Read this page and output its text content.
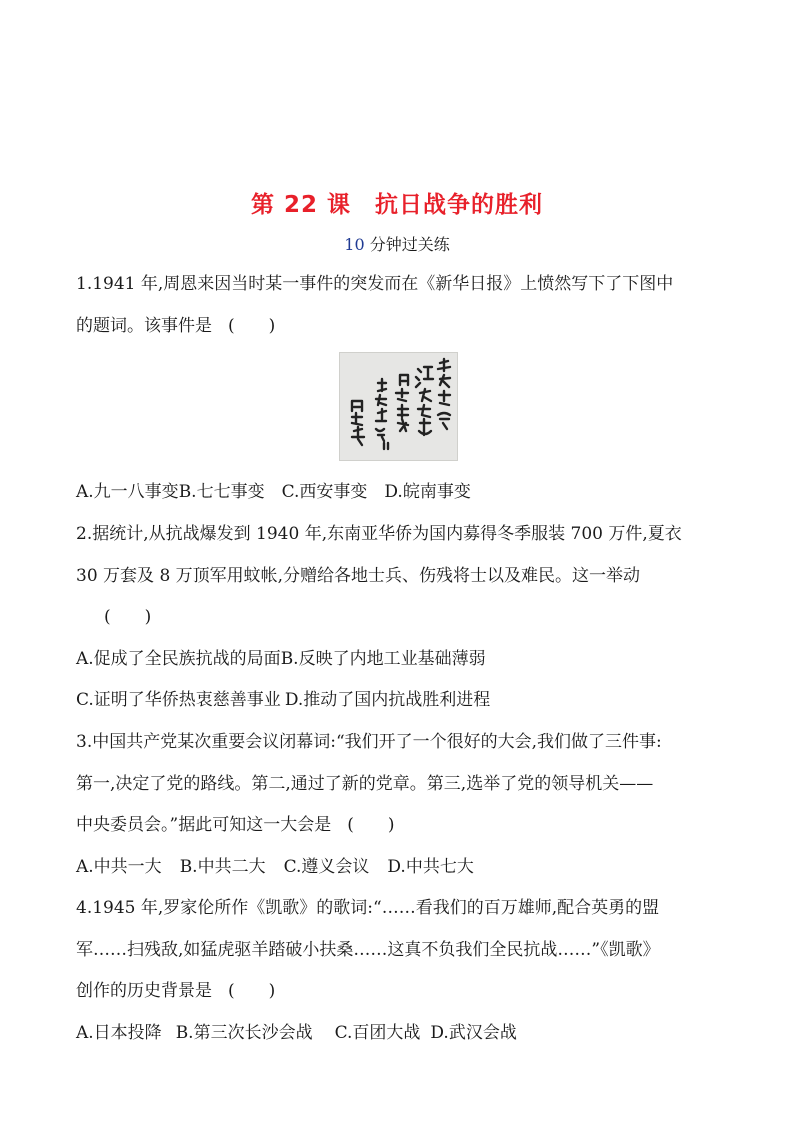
第 22 课　抗日战争的胜利
10 分钟过关练
1.1941 年,周恩来因当时某一事件的突发而在《新华日报》上愤然写下了下图中
的题词。该事件是 (　　)
A.九一八事变B.七七事变 C.西安事变 D.皖南事变
2.据统计,从抗战爆发到 1940 年,东南亚华侨为国内募得冬季服装 700 万件,夏衣
30 万套及 8 万顶军用蚊帐,分赠给各地士兵、伤残将士以及难民。这一举动
(　　)
A.促成了全民族抗战的局面B.反映了内地工业基础薄弱
C.证明了华侨热衷慈善事业 D.推动了国内抗战胜利进程
3.中国共产党某次重要会议闭幕词:“我们开了一个很好的大会,我们做了三件事:
第一,决定了党的路线。第二,通过了新的党章。第三,选举了党的领导机关——
中央委员会。”据此可知这一大会是 (　　)
A.中共一大 B.中共二大 C.遵义会议 D.中共七大
4.1945 年,罗家伦所作《凯歌》的歌词:“……看我们的百万雄师,配合英勇的盟
军……扫残敌,如猛虎驱羊踏破小扶桑……这真不负我们全民抗战……”《凯歌》
创作的历史背景是 (　　)
A.日本投降 B.第三次长沙会战 C.百团大战 D.武汉会战
